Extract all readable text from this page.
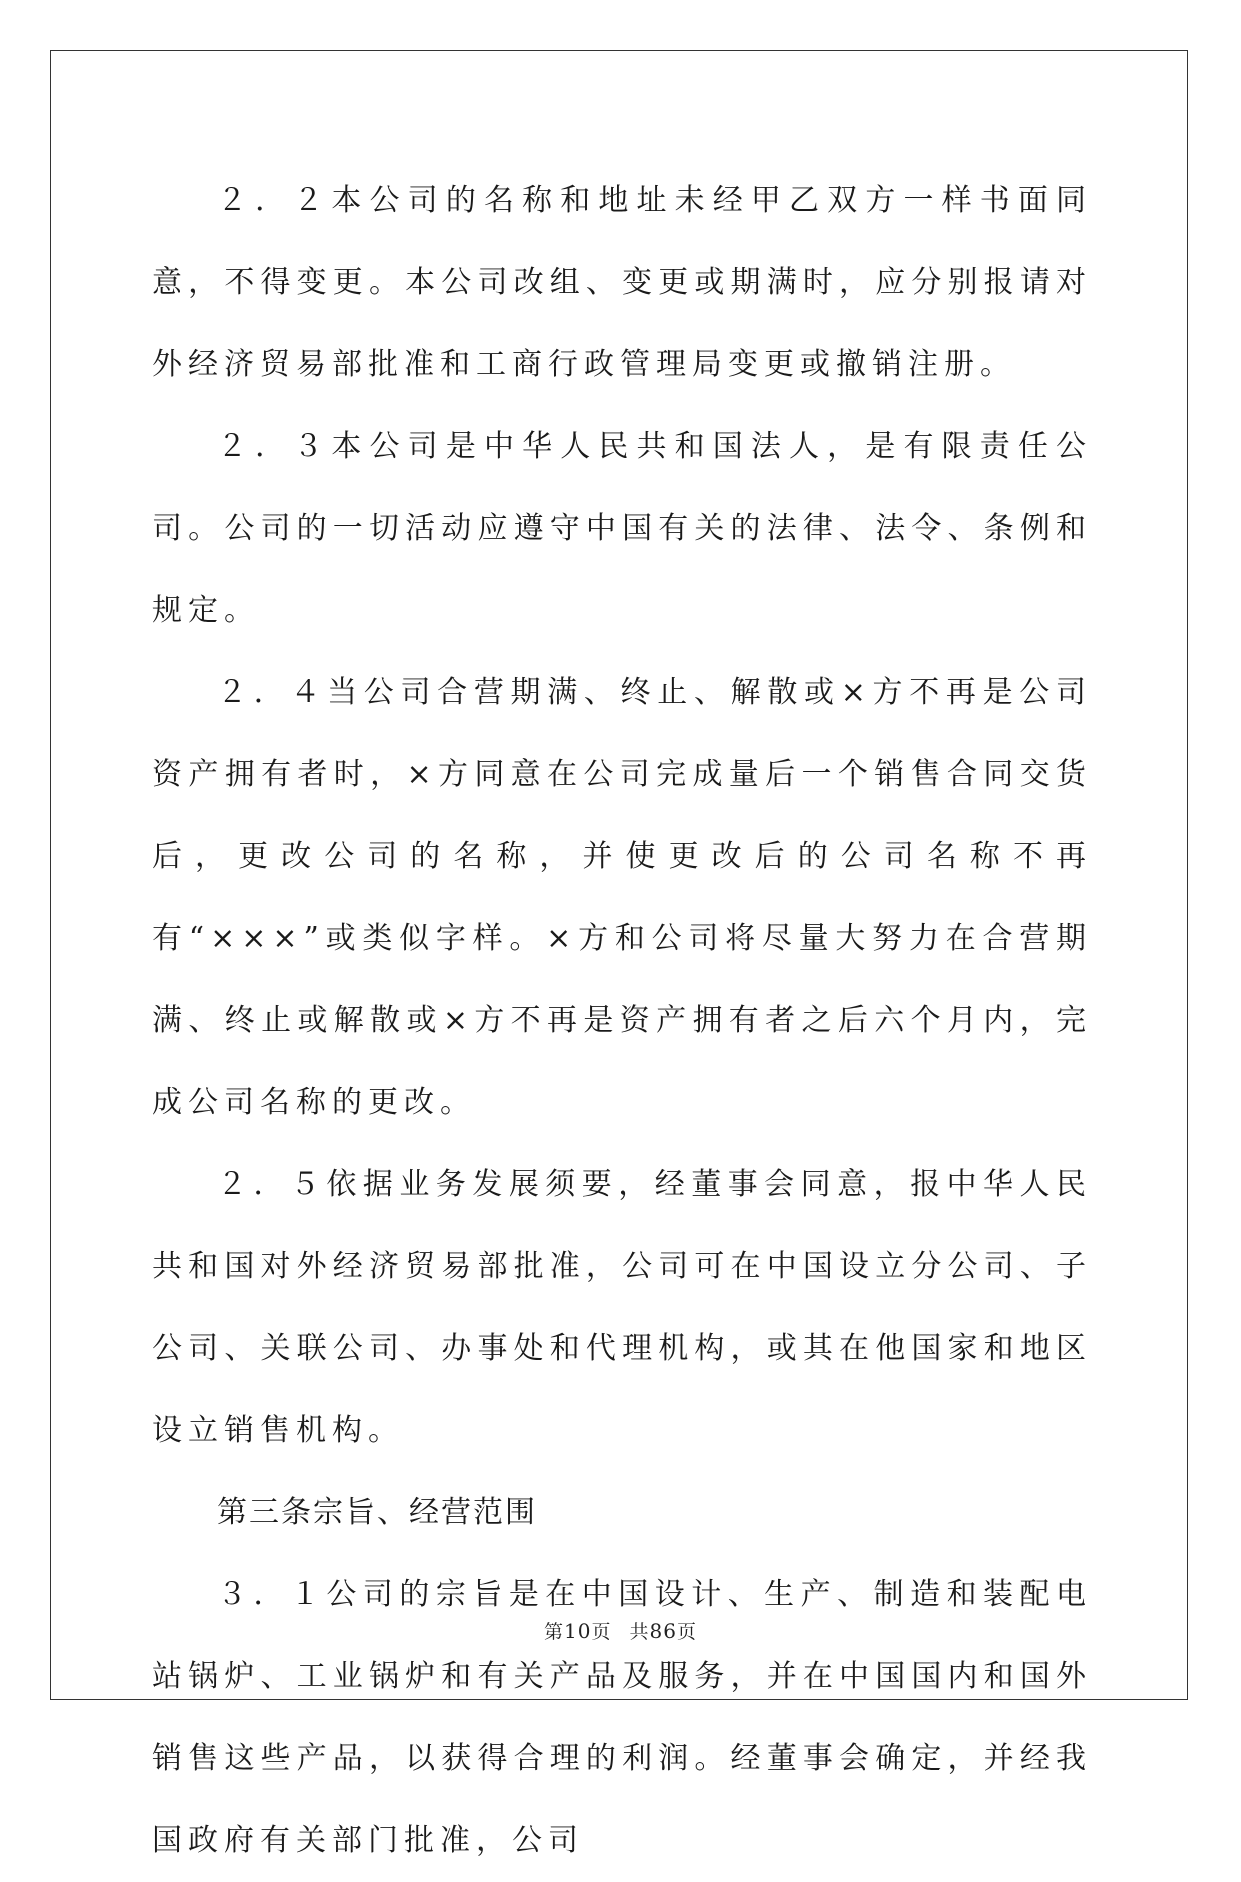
２．２本公司的名称和地址未经甲乙双方一样书面同意，不得变更。本公司改组、变更或期满时，应分别报请对外经济贸易部批准和工商行政管理局变更或撤销注册。

２．３本公司是中华人民共和国法人，是有限责任公司。公司的一切活动应遵守中国有关的法律、法令、条例和规定。

２．４当公司合营期满、终止、解散或×方不再是公司资产拥有者时，×方同意在公司完成量后一个销售合同交货后，更改公司的名称，并使更改后的公司名称不再有“×××”或类似字样。×方和公司将尽量大努力在合营期满、终止或解散或×方不再是资产拥有者之后六个月内，完成公司名称的更改。

２．５依据业务发展须要，经董事会同意，报中华人民共和国对外经济贸易部批准，公司可在中国设立分公司、子公司、关联公司、办事处和代理机构，或其在他国家和地区设立销售机构。

第三条宗旨、经营范围

３．１公司的宗旨是在中国设计、生产、制造和装配电站锅炉、工业锅炉和有关产品及服务，并在中国国内和国外销售这些产品，以获得合理的利润。经董事会确定，并经我国政府有关部门批准，公司

第10页 共86页
